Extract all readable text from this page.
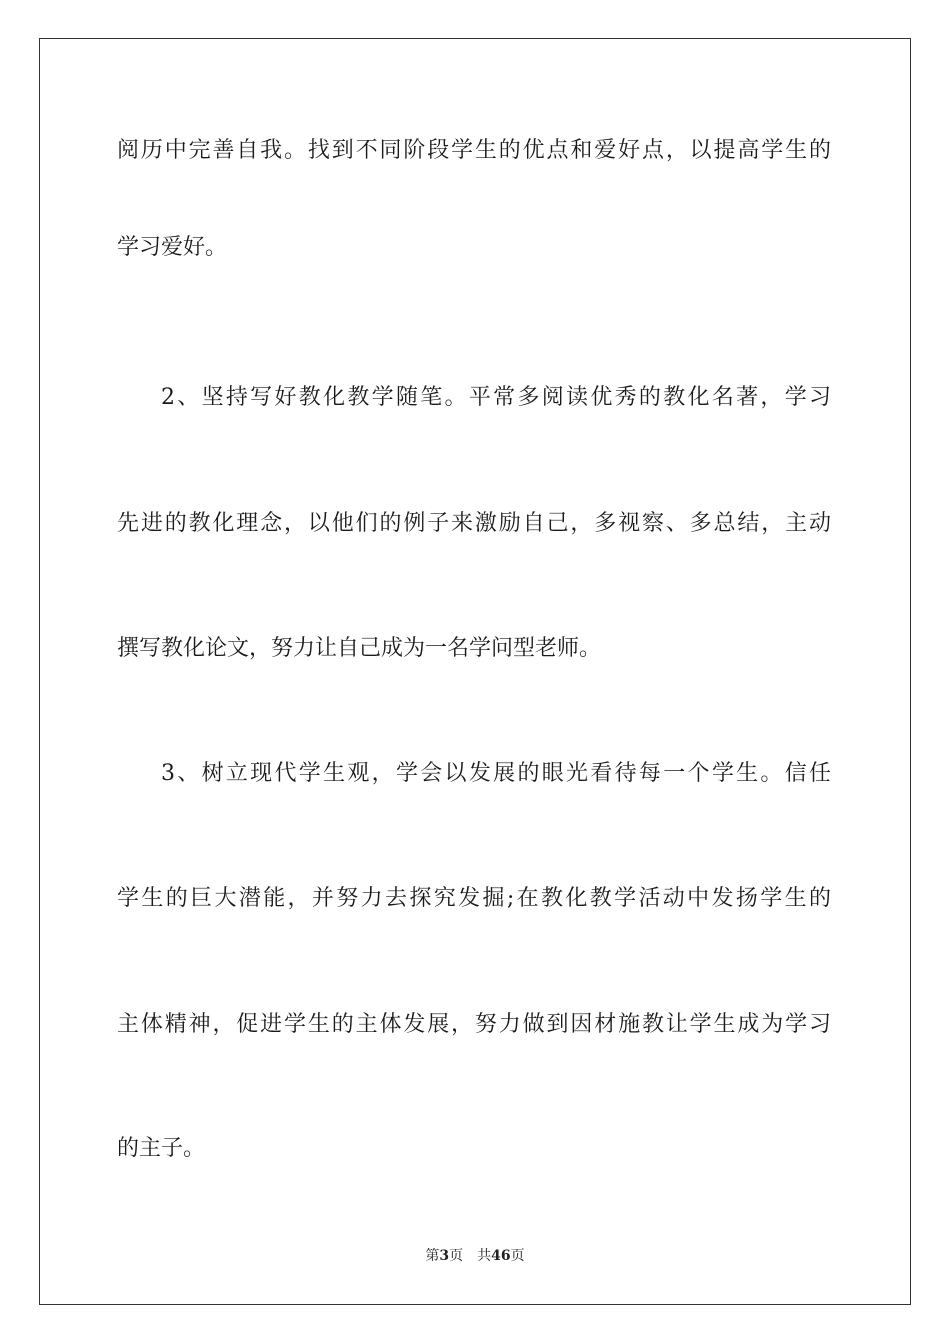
阅历中完善自我。找到不同阶段学生的优点和爱好点，以提高学生的
学习爱好。
2、坚持写好教化教学随笔。平常多阅读优秀的教化名著，学习
先进的教化理念，以他们的例子来激励自己，多视察、多总结，主动
撰写教化论文，努力让自己成为一名学问型老师。
3、树立现代学生观，学会以发展的眼光看待每一个学生。信任
学生的巨大潜能，并努力去探究发掘;在教化教学活动中发扬学生的
主体精神，促进学生的主体发展，努力做到因材施教让学生成为学习
的主子。
第3页 共46页
